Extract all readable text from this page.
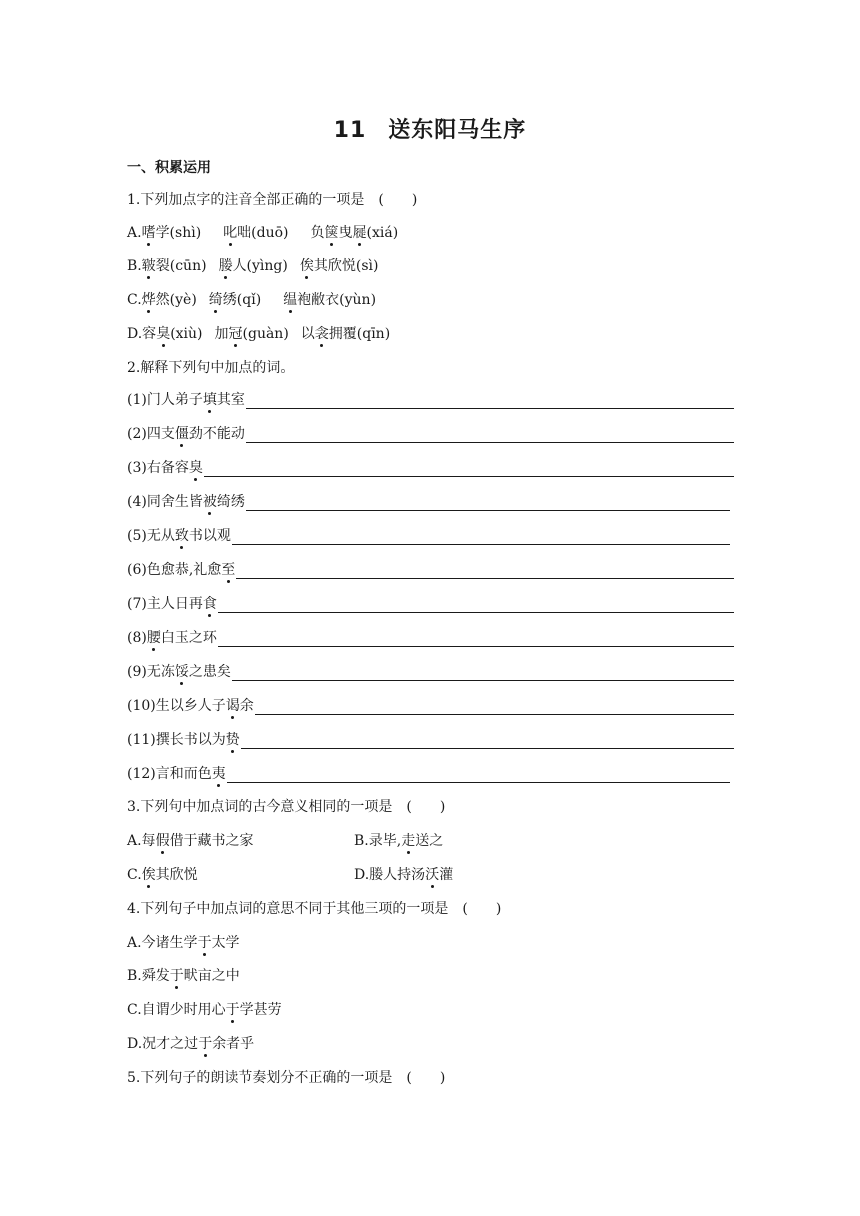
11 送东阳马生序
一、积累运用
1.下列加点字的注音全部正确的一项是　(　　)
A.嗜学(shì) 叱咄(duō) 负箧曳屣(xiá)
B.皲裂(cūn) 媵人(yìng) 俟其欣悦(sì)
C.烨然(yè) 绮绣(qǐ) 缊袍敝衣(yùn)
D.容臭(xiù) 加冠(guàn) 以衾拥覆(qīn)
2.解释下列句中加点的词。
(1)门人弟子填其室
(2)四支僵劲不能动
(3)右备容臭
(4)同舍生皆被绮绣
(5)无从致书以观
(6)色愈恭,礼愈至
(7)主人日再食
(8)腰白玉之环
(9)无冻馁之患矣
(10)生以乡人子谒余
(11)撰长书以为贽
(12)言和而色夷
3.下列句中加点词的古今意义相同的一项是　(　　)
A.每假借于藏书之家	B.录毕,走送之
C.俟其欣悦	D.媵人持汤沃灌
4.下列句子中加点词的意思不同于其他三项的一项是　(　　)
A.今诸生学于太学
B.舜发于畎亩之中
C.自谓少时用心于学甚劳
D.况才之过于余者乎
5.下列句子的朗读节奏划分不正确的一项是　(　　)
